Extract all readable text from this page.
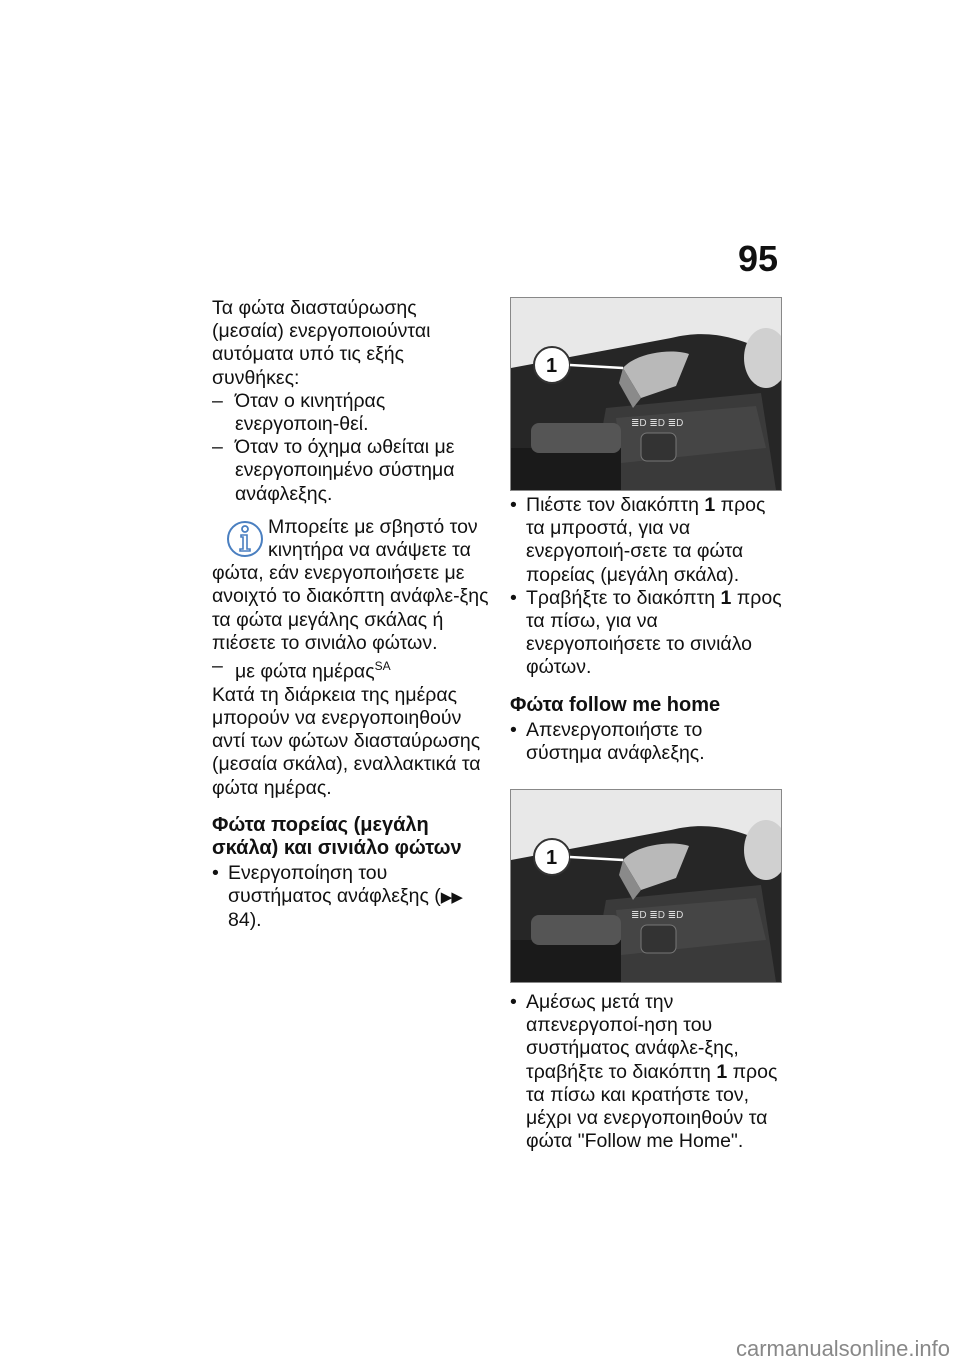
95

Τα φώτα διασταύρωσης (μεσαία) ενεργοποιούνται αυτόματα υπό τις εξής συνθήκες:

– Όταν ο κινητήρας ενεργοποιη-θεί.

– Όταν το όχημα ωθείται με ενεργοποιημένο σύστημα ανάφλεξης.

Μπορείτε με σβηστό τον κινητήρα να ανάψετε τα

φώτα, εάν ενεργοποιήσετε με ανοιχτό το διακόπτη ανάφλε-ξης τα φώτα μεγάλης σκάλας ή πιέσετε το σινιάλο φώτων.

– με φώτα ημέρας$^{SA}$

Κατά τη διάρκεια της ημέρας μπορούν να ενεργοποιηθούν αντί των φώτων διασταύρωσης (μεσαία σκάλα), εναλλακτικά τα φώτα ημέρας.

Φώτα πορείας (μεγάλη σκάλα) και σινιάλο φώτων

• Ενεργοποίηση του συστήματος ανάφλεξης (▶▶ 84).

≣D ≣D ≣D
1

• Πιέστε τον διακόπτη 1 προς τα μπροστά, για να ενεργοποιή-σετε τα φώτα πορείας (μεγάλη σκάλα).

• Τραβήξτε το διακόπτη 1 προς τα πίσω, για να ενεργοποιήσετε το σινιάλο φώτων.

Φώτα follow me home

• Απενεργοποιήστε το σύστημα ανάφλεξης.

≣D ≣D ≣D
1

• Αμέσως μετά την απενεργοποί-ηση του συστήματος ανάφλε-ξης, τραβήξτε το διακόπτη 1 προς τα πίσω και κρατήστε τον, μέχρι να ενεργοποιηθούν τα φώτα "Follow me Home".

carmanualsonline.info
